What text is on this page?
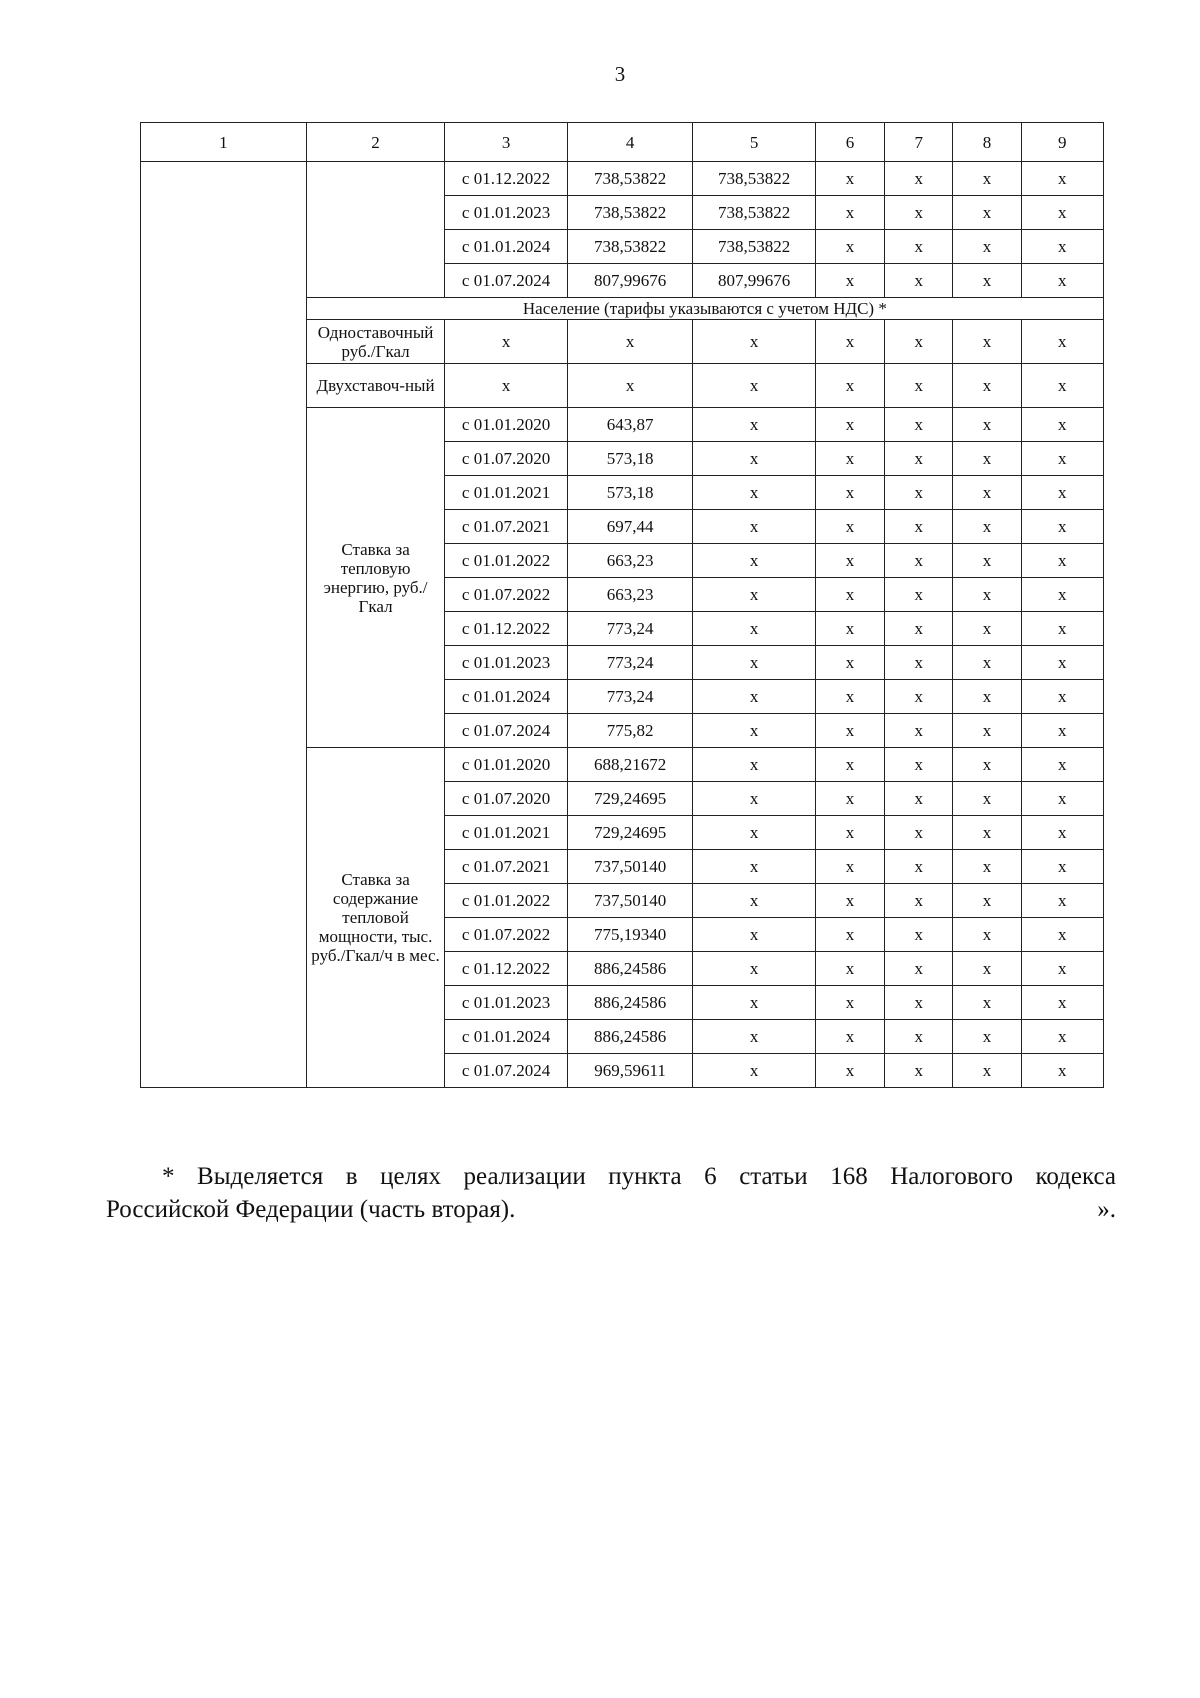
3
1	2	3	4	5	6	7	8	9
		с 01.12.2022	738,53822	738,53822	х	х	х	х
		с 01.01.2023	738,53822	738,53822	х	х	х	х
		с 01.01.2024	738,53822	738,53822	х	х	х	х
		с 01.07.2024	807,99676	807,99676	х	х	х	х
	Население (тарифы указываются с учетом НДС) *							
	Одноставочный руб./Гкал	х	х	х	х	х	х	х
	Двухставоч-ный	х	х	х	х	х	х	х
	Ставка за тепловую энергию, руб./Гкал	с 01.01.2020	643,87	х	х	х	х	х
		с 01.07.2020	573,18	х	х	х	х	х
		с 01.01.2021	573,18	х	х	х	х	х
		с 01.07.2021	697,44	х	х	х	х	х
		с 01.01.2022	663,23	х	х	х	х	х
		с 01.07.2022	663,23	х	х	х	х	х
		с 01.12.2022	773,24	х	х	х	х	х
		с 01.01.2023	773,24	х	х	х	х	х
		с 01.01.2024	773,24	х	х	х	х	х
		с 01.07.2024	775,82	х	х	х	х	х
	Ставка за содержание тепловой мощности, тыс. руб./Гкал/ч в мес.	с 01.01.2020	688,21672	х	х	х	х	х
		с 01.07.2020	729,24695	х	х	х	х	х
		с 01.01.2021	729,24695	х	х	х	х	х
		с 01.07.2021	737,50140	х	х	х	х	х
		с 01.01.2022	737,50140	х	х	х	х	х
		с 01.07.2022	775,19340	х	х	х	х	х
		с 01.12.2022	886,24586	х	х	х	х	х
		с 01.01.2023	886,24586	х	х	х	х	х
		с 01.01.2024	886,24586	х	х	х	х	х
		с 01.07.2024	969,59611	х	х	х	х	х
* Выделяется в целях реализации пункта 6 статьи 168 Налогового кодекса
Российской Федерации (часть вторая).	».
